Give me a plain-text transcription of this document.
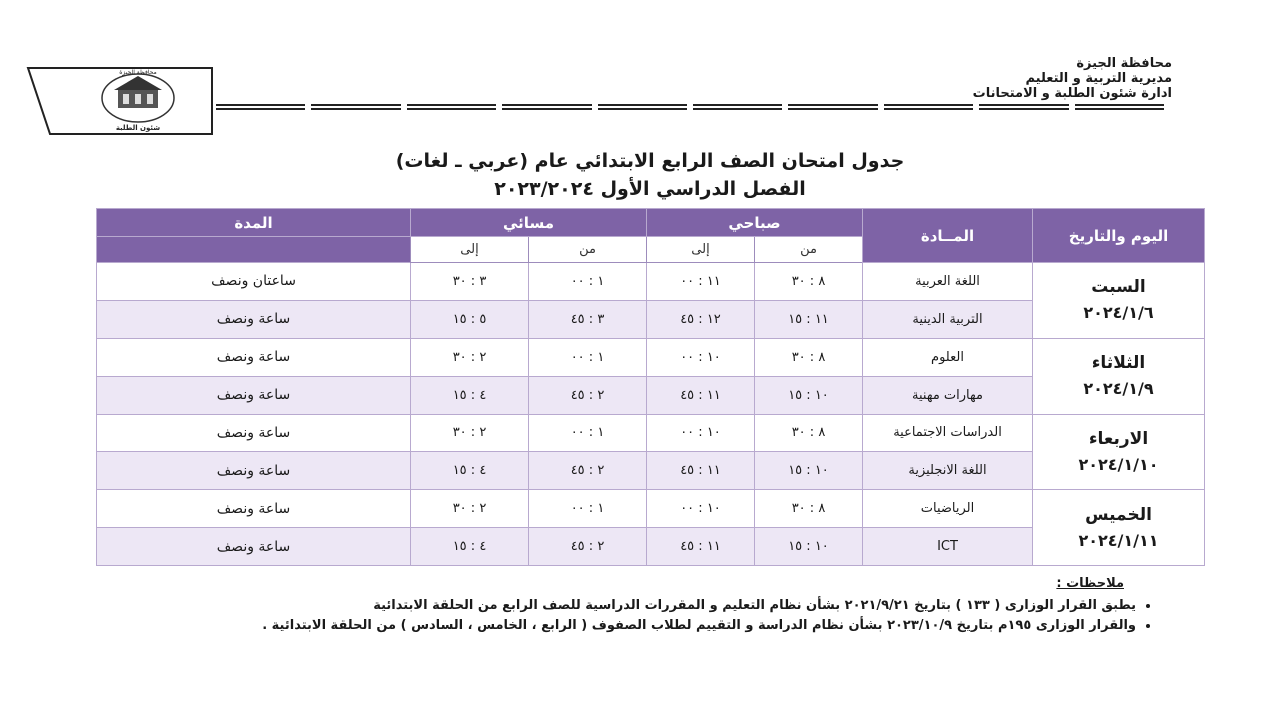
محافظة الجيزة
مديرية التربية و التعليم
ادارة شئون الطلبة و الامتحانات
محافظة الجيزة
شئون الطلبة
جدول امتحان الصف الرابع الابتدائي عام (عربي ـ لغات)
الفصل الدراسي الأول ٢٠٢٣/٢٠٢٤
اليوم والتاريخ	المــادة	صباحي		مسائي		المدة
		من	إلى	من	إلى	

السبت
٢٠٢٤/١/٦	اللغة العربية	٨ : ٣٠	١١ : ٠٠	١ : ٠٠	٣ : ٣٠	ساعتان ونصف
	التربية الدينية	١١ : ١٥	١٢ : ٤٥	٣ : ٤٥	٥ : ١٥	ساعة ونصف

الثلاثاء
٢٠٢٤/١/٩	العلوم	٨ : ٣٠	١٠ : ٠٠	١ : ٠٠	٢ : ٣٠	ساعة ونصف
	مهارات مهنية	١٠ : ١٥	١١ : ٤٥	٢ : ٤٥	٤ : ١٥	ساعة ونصف

الاربعاء
٢٠٢٤/١/١٠	الدراسات الاجتماعية	٨ : ٣٠	١٠ : ٠٠	١ : ٠٠	٢ : ٣٠	ساعة ونصف
	اللغة الانجليزية	١٠ : ١٥	١١ : ٤٥	٢ : ٤٥	٤ : ١٥	ساعة ونصف

الخميس
٢٠٢٤/١/١١	الرياضيات	٨ : ٣٠	١٠ : ٠٠	١ : ٠٠	٢ : ٣٠	ساعة ونصف
	ICT	١٠ : ١٥	١١ : ٤٥	٢ : ٤٥	٤ : ١٥	ساعة ونصف
ملاحظات :
• يطبق القرار الوزارى ( ١٣٣ ) بتاريخ ٢٠٢١/٩/٢١ بشأن نظام التعليم و المقررات الدراسية للصف الرابع من الحلقة الابتدائية
• والقرار الوزارى ١٩٥م بتاريخ ٢٠٢٣/١٠/٩ بشأن نظام الدراسة و التقييم لطلاب الصفوف ( الرابع ، الخامس ، السادس ) من الحلقة الابتدائية .
